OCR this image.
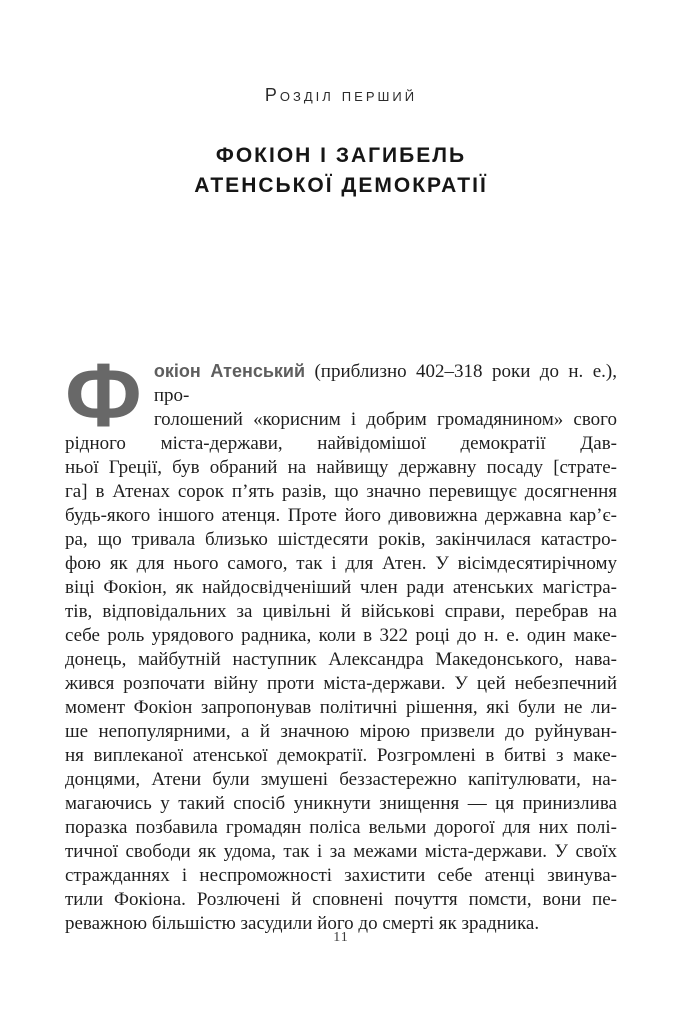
Розділ перший
ФОКІОН І ЗАГИБЕЛЬ
АТЕНСЬКОЇ ДЕМОКРАТІЇ
Ф окіон Атенський (приблизно 402–318 роки до н. е.), про-
голошений «корисним і добрим громадянином» свого
рідного міста-держави, найвідомішої демократії Дав-
ньої Греції, був обраний на найвищу державну посаду [страте-
га] в Атенах сорок п’ять разів, що значно перевищує досягнення
будь-якого іншого атенця. Проте його дивовижна державна кар’є-
ра, що тривала близько шістдесяти років, закінчилася катастро-
фою як для нього самого, так і для Атен. У вісімдесятирічному
віці Фокіон, як найдосвідченіший член ради атенських магістра-
тів, відповідальних за цивільні й військові справи, перебрав на
себе роль урядового радника, коли в 322 році до н. е. один маке-
донець, майбутній наступник Александра Македонського, нава-
жився розпочати війну проти міста-держави. У цей небезпечний
момент Фокіон запропонував політичні рішення, які були не ли-
ше непопулярними, а й значною мірою призвели до руйнуван-
ня виплеканої атенської демократії. Розгромлені в битві з маке-
донцями, Атени були змушені беззастережно капітулювати, на-
магаючись у такий спосіб уникнути знищення — ця принизлива
поразка позбавила громадян поліса вельми дорогої для них полі-
тичної свободи як удома, так і за межами міста-держави. У своїх
стражданнях і неспроможності захистити себе атенці звинува-
тили Фокіона. Розлючені й сповнені почуття помсти, вони пе-
реважною більшістю засудили його до смерті як зрадника.
11
